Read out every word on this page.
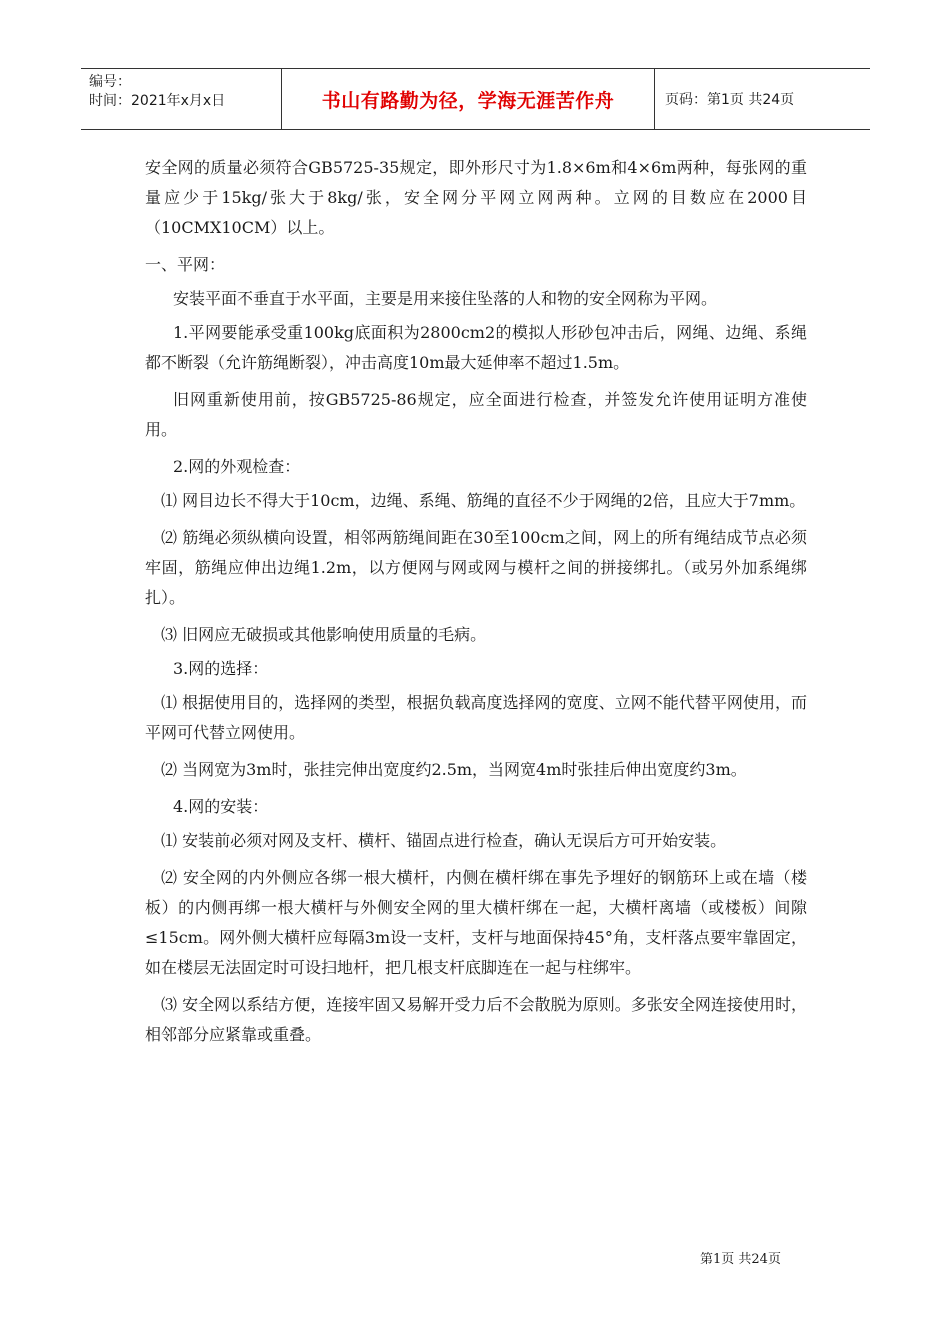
编号：
时间：2021年x月x日	书山有路勤为径，学海无涯苦作舟	页码：第1页 共24页

安全网的质量必须符合GB5725-35规定，即外形尺寸为1.8×6m和4×6m两种，每张网的重量应少于15kg/张大于8kg/张，安全网分平网立网两种。立网的目数应在2000目（10CMX10CM）以上。

一、平网：

安装平面不垂直于水平面，主要是用来接住坠落的人和物的安全网称为平网。

1.平网要能承受重100kg底面积为2800cm2的模拟人形砂包冲击后，网绳、边绳、系绳都不断裂（允许筋绳断裂），冲击高度10m最大延伸率不超过1.5m。

旧网重新使用前，按GB5725-86规定，应全面进行检查，并签发允许使用证明方准使用。

2.网的外观检查：

⑴ 网目边长不得大于10cm，边绳、系绳、筋绳的直径不少于网绳的2倍，且应大于7mm。

⑵ 筋绳必须纵横向设置，相邻两筋绳间距在30至100cm之间，网上的所有绳结成节点必须牢固，筋绳应伸出边绳1.2m，以方便网与网或网与模杆之间的拼接绑扎。（或另外加系绳绑扎）。

⑶ 旧网应无破损或其他影响使用质量的毛病。

3.网的选择：

⑴ 根据使用目的，选择网的类型，根据负载高度选择网的宽度、立网不能代替平网使用，而平网可代替立网使用。

⑵ 当网宽为3m时，张挂完伸出宽度约2.5m，当网宽4m时张挂后伸出宽度约3m。

4.网的安装：

⑴ 安装前必须对网及支杆、横杆、锚固点进行检查，确认无误后方可开始安装。

⑵ 安全网的内外侧应各绑一根大横杆，内侧在横杆绑在事先予埋好的钢筋环上或在墙（楼板）的内侧再绑一根大横杆与外侧安全网的里大横杆绑在一起，大横杆离墙（或楼板）间隙≤15cm。网外侧大横杆应每隔3m设一支杆，支杆与地面保持45°角，支杆落点要牢靠固定，如在楼层无法固定时可设扫地杆，把几根支杆底脚连在一起与柱绑牢。

⑶ 安全网以系结方便，连接牢固又易解开受力后不会散脱为原则。多张安全网连接使用时，相邻部分应紧靠或重叠。

第1页 共24页
